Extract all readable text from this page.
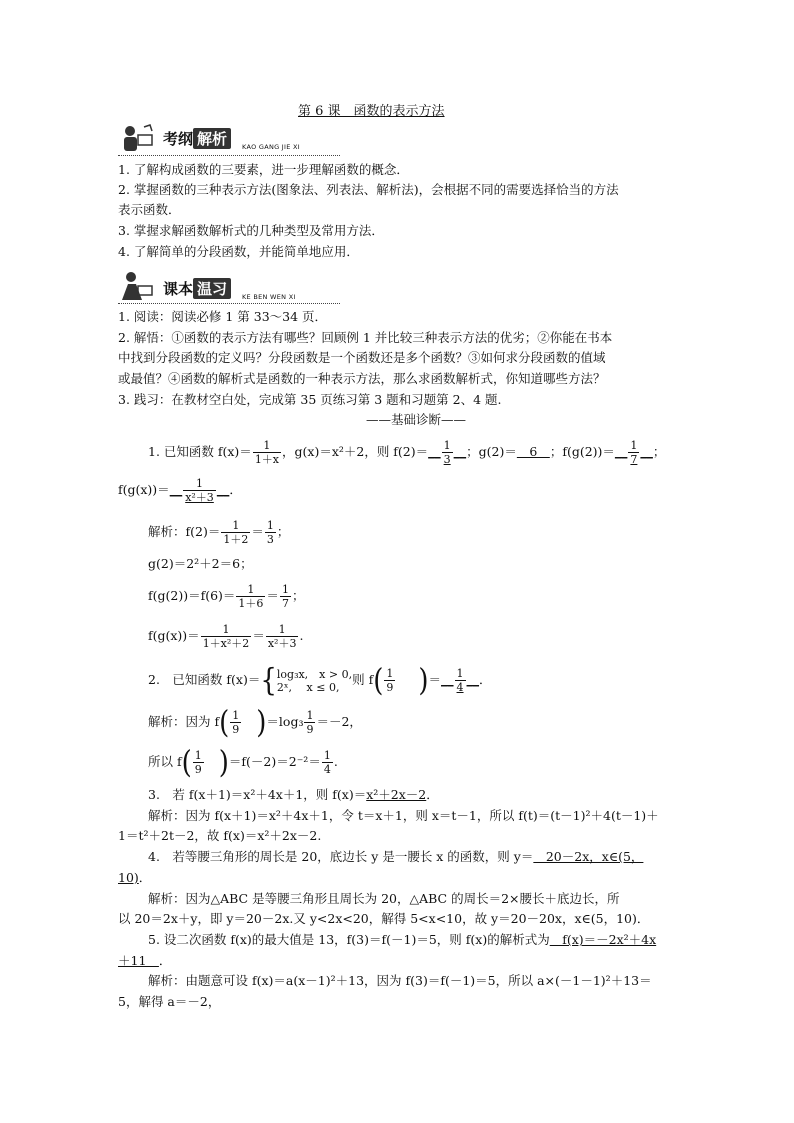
第 6 课　函数的表示方法
考纲 解析	KAO GANG JIE XI
1. 了解构成函数的三要素，进一步理解函数的概念．
2. 掌握函数的三种表示方法(图象法、列表法、解析法)，会根据不同的需要选择恰当的方法
表示函数．
3. 掌握求解函数解析式的几种类型及常用方法．
4. 了解简单的分段函数，并能简单地应用．
课本 温习	KE BEN WEN XI
1. 阅读：阅读必修 1 第 33～34 页．
2. 解悟：①函数的表示方法有哪些？回顾例 1 并比较三种表示方法的优劣；②你能在书本
中找到分段函数的定义吗？分段函数是一个函数还是多个函数？③如何求分段函数的值域
或最值？④函数的解析式是函数的一种表示方法，那么求函数解析式，你知道哪些方法？
3. 践习：在教材空白处，完成第 35 页练习第 3 题和习题第 2、4 题.
——基础诊断——
1. 已知函数 $f(x)= \frac{1}{1+x}$ ，g(x)＝x²＋2，则 f(2)＝__ $\frac{1}{3}$ __；g(2)＝　6　；f(g(2))＝__ $\frac{1}{7}$ __；
f(g(x))＝__ $\frac{1}{\text{x²＋3}}$ __．
解析：$f(2)= \frac{1}{1+2} = \frac{1}{3}$ ；
g(2)＝2²＋2＝6；
$f(g(2))=f(6)= \frac{1}{1+6} = \frac{1}{7}$ ；
$f(g(x))= \frac{1}{\text{1＋x²＋2}} = \frac{1}{\text{x²＋3}}$ .
2.　已知函数 f(x)＝{ log₃x,　x > 0,
2ˣ,　 x ≤ 0,	则 $f( \frac{1}{9}$ )＝__ $\frac{1}{4}$ __．
解析：因为 $f( \frac{1}{9} )=\log_3 \frac{1}{9} =-2$，
所以 $f( \frac{1}{9} )=f(-2)=2^{-2}= \frac{1}{4}$ .
3.　若 f(x＋1)＝x²＋4x＋1，则 f(x)＝x²＋2x－2．
解析：因为 f(x＋1)＝x²＋4x＋1，令 t＝x＋1，则 x＝t－1，所以 f(t)＝(t－1)²＋4(t－1)＋
1＝t²＋2t－2，故 f(x)＝x²＋2x－2.
4.　若等腰三角形的周长是 20，底边长 y 是一腰长 x 的函数，则 y＝　20－2x，x∈(5，
10)．
解析：因为△ABC 是等腰三角形且周长为 20，△ABC 的周长＝2×腰长＋底边长，所
以 20＝2x＋y，即 y＝20－2x.又 y<2x<20，解得 5<x<10，故 y＝20－20x，x∈(5，10)．
5. 设二次函数 f(x)的最大值是 13，f(3)＝f(－1)＝5，则 f(x)的解析式为　f(x)＝－2x²＋4x
＋11　．
解析：由题意可设 f(x)＝a(x－1)²＋13，因为 f(3)＝f(－1)＝5，所以 a×(－1－1)²＋13＝
5，解得 a＝－2，
